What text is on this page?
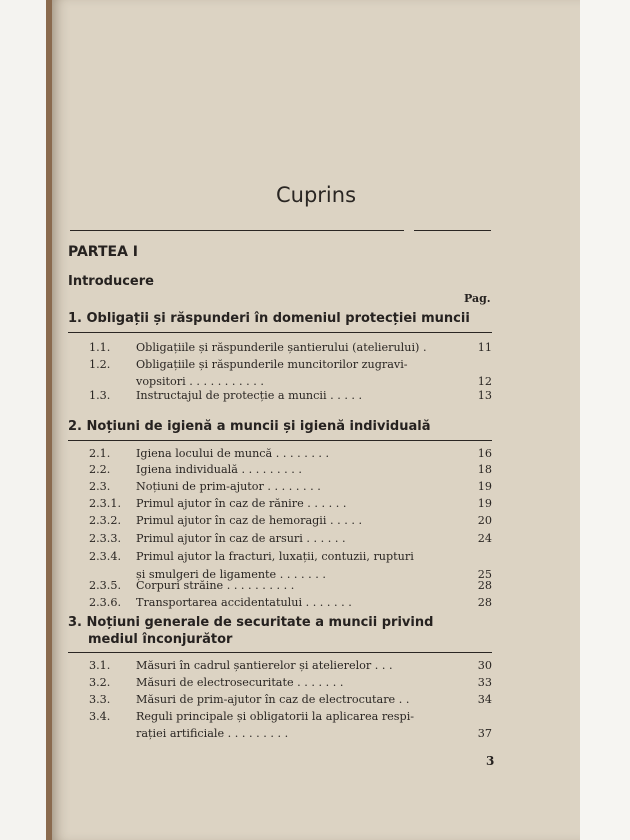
Cuprins
PARTEA I
Introducere
Pag.
1. Obligații și răspunderi în domeniul protecției muncii
1.1. Obligațiile și răspunderile șantierului (atelierului) .	11
1.2. Obligațiile și răspunderile muncitorilor zugravi-
vopsitori . . . . . . . . . . .	12
1.3. Instructajul de protecție a muncii . . . . .	13
2. Noțiuni de igienă a muncii și igienă individuală
2.1. Igiena locului de muncă . . . . . . . .	16
2.2. Igiena individuală . . . . . . . . .	18
2.3. Noțiuni de prim-ajutor . . . . . . . .	19
2.3.1. Primul ajutor în caz de rănire . . . . . .	19
2.3.2. Primul ajutor în caz de hemoragii . . . . .	20
2.3.3. Primul ajutor în caz de arsuri . . . . . .	24
2.3.4. Primul ajutor la fracturi, luxații, contuzii, rupturi
și smulgeri de ligamente . . . . . . .	25
2.3.5. Corpuri străine . . . . . . . . . .	28
2.3.6. Transportarea accidentatului . . . . . . .	28
3. Noțiuni generale de securitate a muncii privind
mediul înconjurător
3.1. Măsuri în cadrul șantierelor și atelierelor . . .	30
3.2. Măsuri de electrosecuritate . . . . . . .	33
3.3. Măsuri de prim-ajutor în caz de electrocutare . .	34
3.4. Reguli principale și obligatorii la aplicarea respi-
rației artificiale . . . . . . . . .	37
3
